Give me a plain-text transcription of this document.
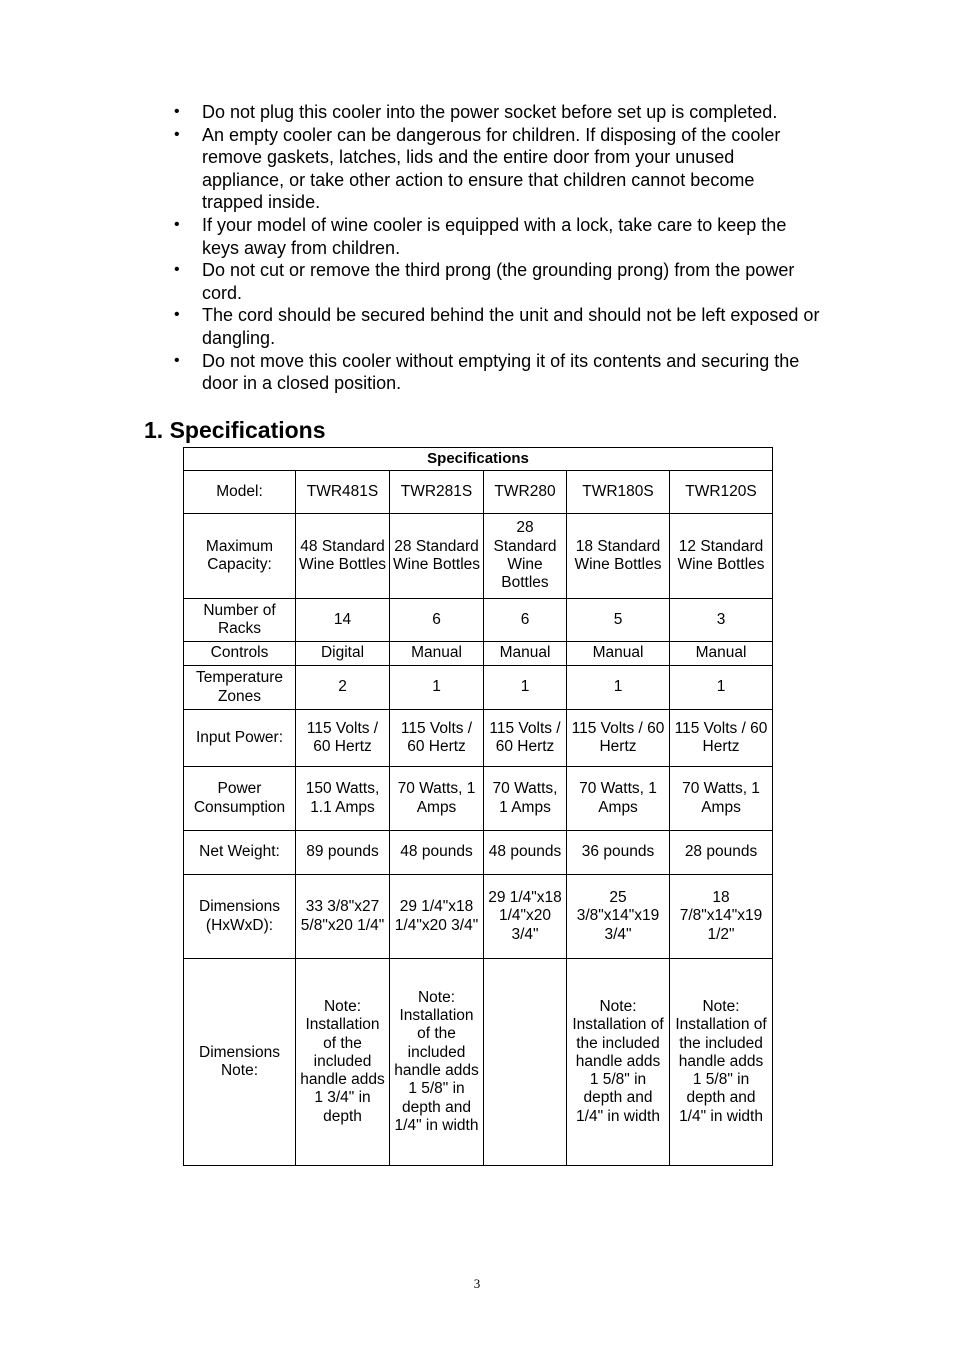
• Do not plug this cooler into the power socket before set up is completed.
• An empty cooler can be dangerous for children. If disposing of the cooler remove gaskets, latches, lids and the entire door from your unused appliance, or take other action to ensure that children cannot become trapped inside.
• If your model of wine cooler is equipped with a lock, take care to keep the keys away from children.
• Do not cut or remove the third prong (the grounding prong) from the power cord.
• The cord should be secured behind the unit and should not be left exposed or dangling.
• Do not move this cooler without emptying it of its contents and securing the door in a closed position.
1. Specifications
Specifications					
Model:	TWR481S	TWR281S	TWR280	TWR180S	TWR120S
Maximum Capacity:	48 Standard Wine Bottles	28 Standard Wine Bottles	28 Standard Wine Bottles	18 Standard Wine Bottles	12 Standard Wine Bottles
Number of Racks	14	6	6	5	3
Controls	Digital	Manual	Manual	Manual	Manual
Temperature Zones	2	1	1	1	1
Input Power:	115 Volts / 60 Hertz	115 Volts / 60 Hertz	115 Volts / 60 Hertz	115 Volts / 60 Hertz	115 Volts / 60 Hertz
Power Consumption	150 Watts, 1.1 Amps	70 Watts, 1 Amps	70 Watts, 1 Amps	70 Watts, 1 Amps	70 Watts, 1 Amps
Net Weight:	89 pounds	48 pounds	48 pounds	36 pounds	28 pounds
Dimensions (HxWxD):	33 3/8"x27 5/8"x20 1/4"	29 1/4"x18 1/4"x20 3/4"	29 1/4"x18 1/4"x20 3/4"	25 3/8"x14"x19 3/4"	18 7/8"x14"x19 1/2"
Dimensions Note:	Note: Installation of the included handle adds 1 3/4" in depth	Note: Installation of the included handle adds 1 5/8" in depth and 1/4" in width		Note: Installation of the included handle adds 1 5/8" in depth and 1/4" in width	Note: Installation of the included handle adds 1 5/8" in depth and 1/4" in width
3
